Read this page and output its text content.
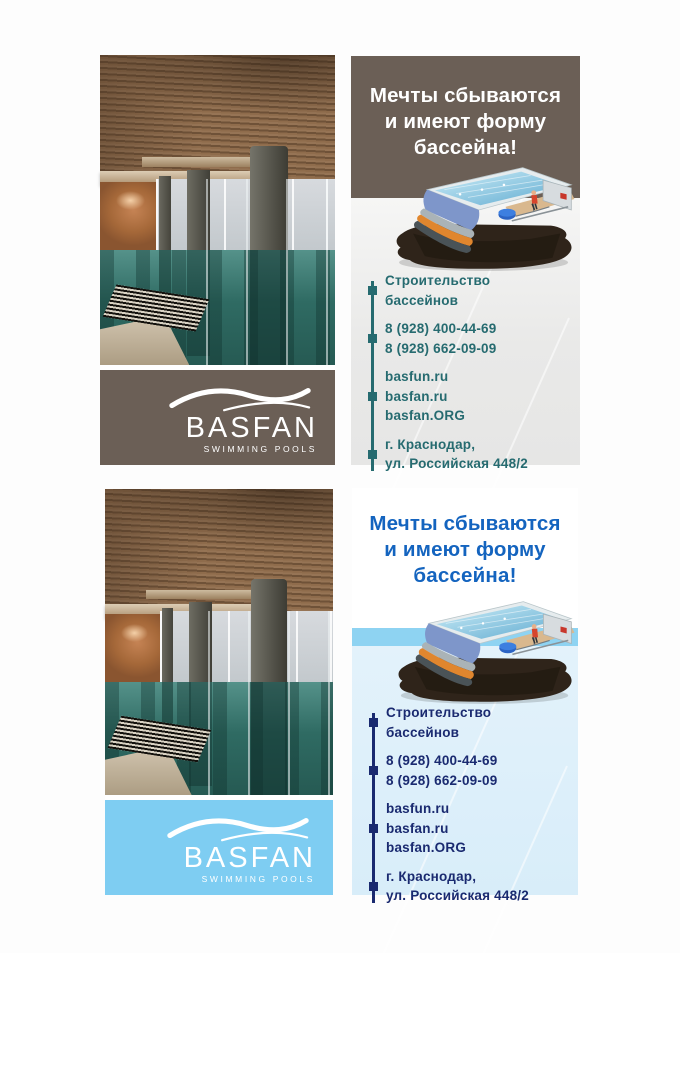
BASFAN
SWIMMING POOLS
Мечты сбываются
и имеют форму
бассейна!
Строительство
бассейнов
8 (928) 400-44-69
8 (928) 662-09-09
basfun.ru
basfan.ru
basfan.ORG
г. Краснодар,
ул. Российская 448/2
BASFAN
SWIMMING POOLS
Мечты сбываются
и имеют форму
бассейна!
Строительство
бассейнов
8 (928) 400-44-69
8 (928) 662-09-09
basfun.ru
basfan.ru
basfan.ORG
г. Краснодар,
ул. Российская 448/2
